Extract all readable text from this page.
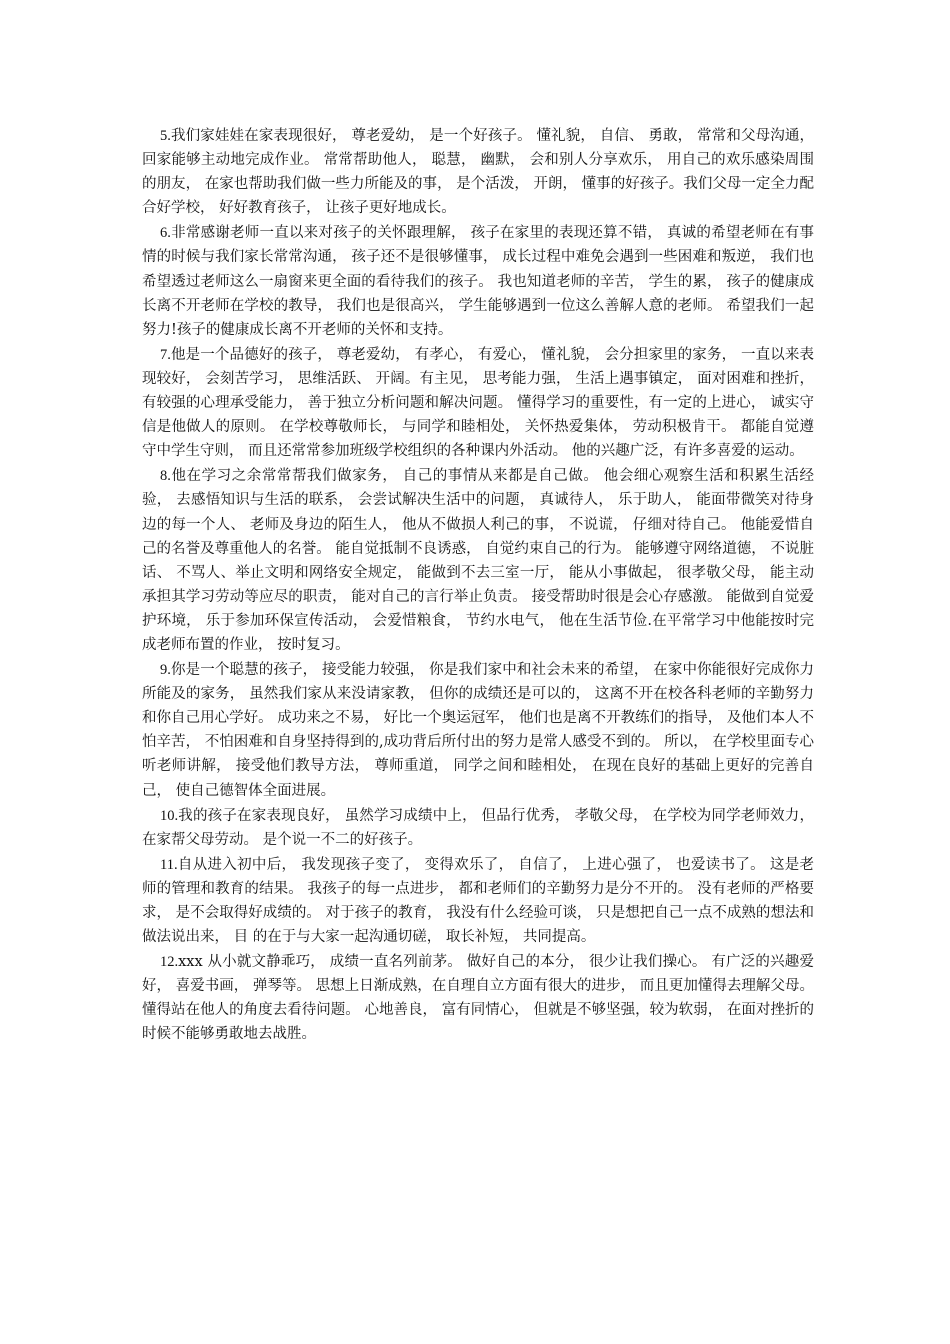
5.我们家娃娃在家表现很好， 尊老爱幼， 是一个好孩子。 懂礼貌， 自信、 勇敢， 常常和父母沟通， 回家能够主动地完成作业。 常常帮助他人， 聪慧， 幽默， 会和别人分享欢乐， 用自己的欢乐感染周围的朋友， 在家也帮助我们做一些力所能及的事， 是个活泼， 开朗， 懂事的好孩子。我们父母一定全力配合好学校， 好好教育孩子， 让孩子更好地成长。

6.非常感谢老师一直以来对孩子的关怀跟理解， 孩子在家里的表现还算不错， 真诚的希望老师在有事情的时候与我们家长常常沟通， 孩子还不是很够懂事， 成长过程中难免会遇到一些困难和叛逆， 我们也希望透过老师这么一扇窗来更全面的看待我们的孩子。 我也知道老师的辛苦， 学生的累， 孩子的健康成长离不开老师在学校的教导， 我们也是很高兴， 学生能够遇到一位这么善解人意的老师。 希望我们一起努力!孩子的健康成长离不开老师的关怀和支持。

7.他是一个品德好的孩子， 尊老爱幼， 有孝心， 有爱心， 懂礼貌， 会分担家里的家务， 一直以来表现较好， 会刻苦学习， 思维活跃、 开阔。有主见， 思考能力强， 生活上遇事镇定， 面对困难和挫折， 有较强的心理承受能力， 善于独立分析问题和解决问题。 懂得学习的重要性，有一定的上进心， 诚实守信是他做人的原则。 在学校尊敬师长， 与同学和睦相处， 关怀热爱集体， 劳动积极肯干。 都能自觉遵守中学生守则， 而且还常常参加班级学校组织的各种课内外活动。 他的兴趣广泛，有许多喜爱的运动。

8.他在学习之余常常帮我们做家务， 自己的事情从来都是自己做。 他会细心观察生活和积累生活经验， 去感悟知识与生活的联系， 会尝试解决生活中的问题， 真诚待人， 乐于助人， 能面带微笑对待身边的每一个人、 老师及身边的陌生人， 他从不做损人利己的事， 不说谎， 仔细对待自己。 他能爱惜自己的名誉及尊重他人的名誉。 能自觉抵制不良诱惑， 自觉约束自己的行为。 能够遵守网络道德， 不说脏话、 不骂人、举止文明和网络安全规定， 能做到不去三室一厅， 能从小事做起， 很孝敬父母， 能主动承担其学习劳动等应尽的职责， 能对自己的言行举止负责。 接受帮助时很是会心存感激。 能做到自觉爱护环境， 乐于参加环保宣传活动， 会爱惜粮食， 节约水电气， 他在生活节俭.在平常学习中他能按时完成老师布置的作业， 按时复习。

9.你是一个聪慧的孩子， 接受能力较强， 你是我们家中和社会未来的希望， 在家中你能很好完成你力所能及的家务， 虽然我们家从来没请家教， 但你的成绩还是可以的， 这离不开在校各科老师的辛勤努力和你自己用心学好。 成功来之不易， 好比一个奥运冠军， 他们也是离不开教练们的指导， 及他们本人不怕辛苦， 不怕困难和自身坚持得到的,成功背后所付出的努力是常人感受不到的。 所以， 在学校里面专心听老师讲解， 接受他们教导方法， 尊师重道， 同学之间和睦相处， 在现在良好的基础上更好的完善自己， 使自己德智体全面进展。

10.我的孩子在家表现良好， 虽然学习成绩中上， 但品行优秀， 孝敬父母， 在学校为同学老师效力， 在家帮父母劳动。 是个说一不二的好孩子。

11.自从进入初中后， 我发现孩子变了， 变得欢乐了， 自信了， 上进心强了， 也爱读书了。 这是老师的管理和教育的结果。 我孩子的每一点进步， 都和老师们的辛勤努力是分不开的。 没有老师的严格要求， 是不会取得好成绩的。 对于孩子的教育， 我没有什么经验可谈， 只是想把自己一点不成熟的想法和做法说出来， 目 的在于与大家一起沟通切磋， 取长补短， 共同提高。

12.xxx 从小就文静乖巧， 成绩一直名列前茅。 做好自己的本分， 很少让我们操心。 有广泛的兴趣爱好， 喜爱书画， 弹琴等。 思想上日渐成熟，在自理自立方面有很大的进步， 而且更加懂得去理解父母。 懂得站在他人的角度去看待问题。 心地善良， 富有同情心， 但就是不够坚强，较为软弱， 在面对挫折的时候不能够勇敢地去战胜。
